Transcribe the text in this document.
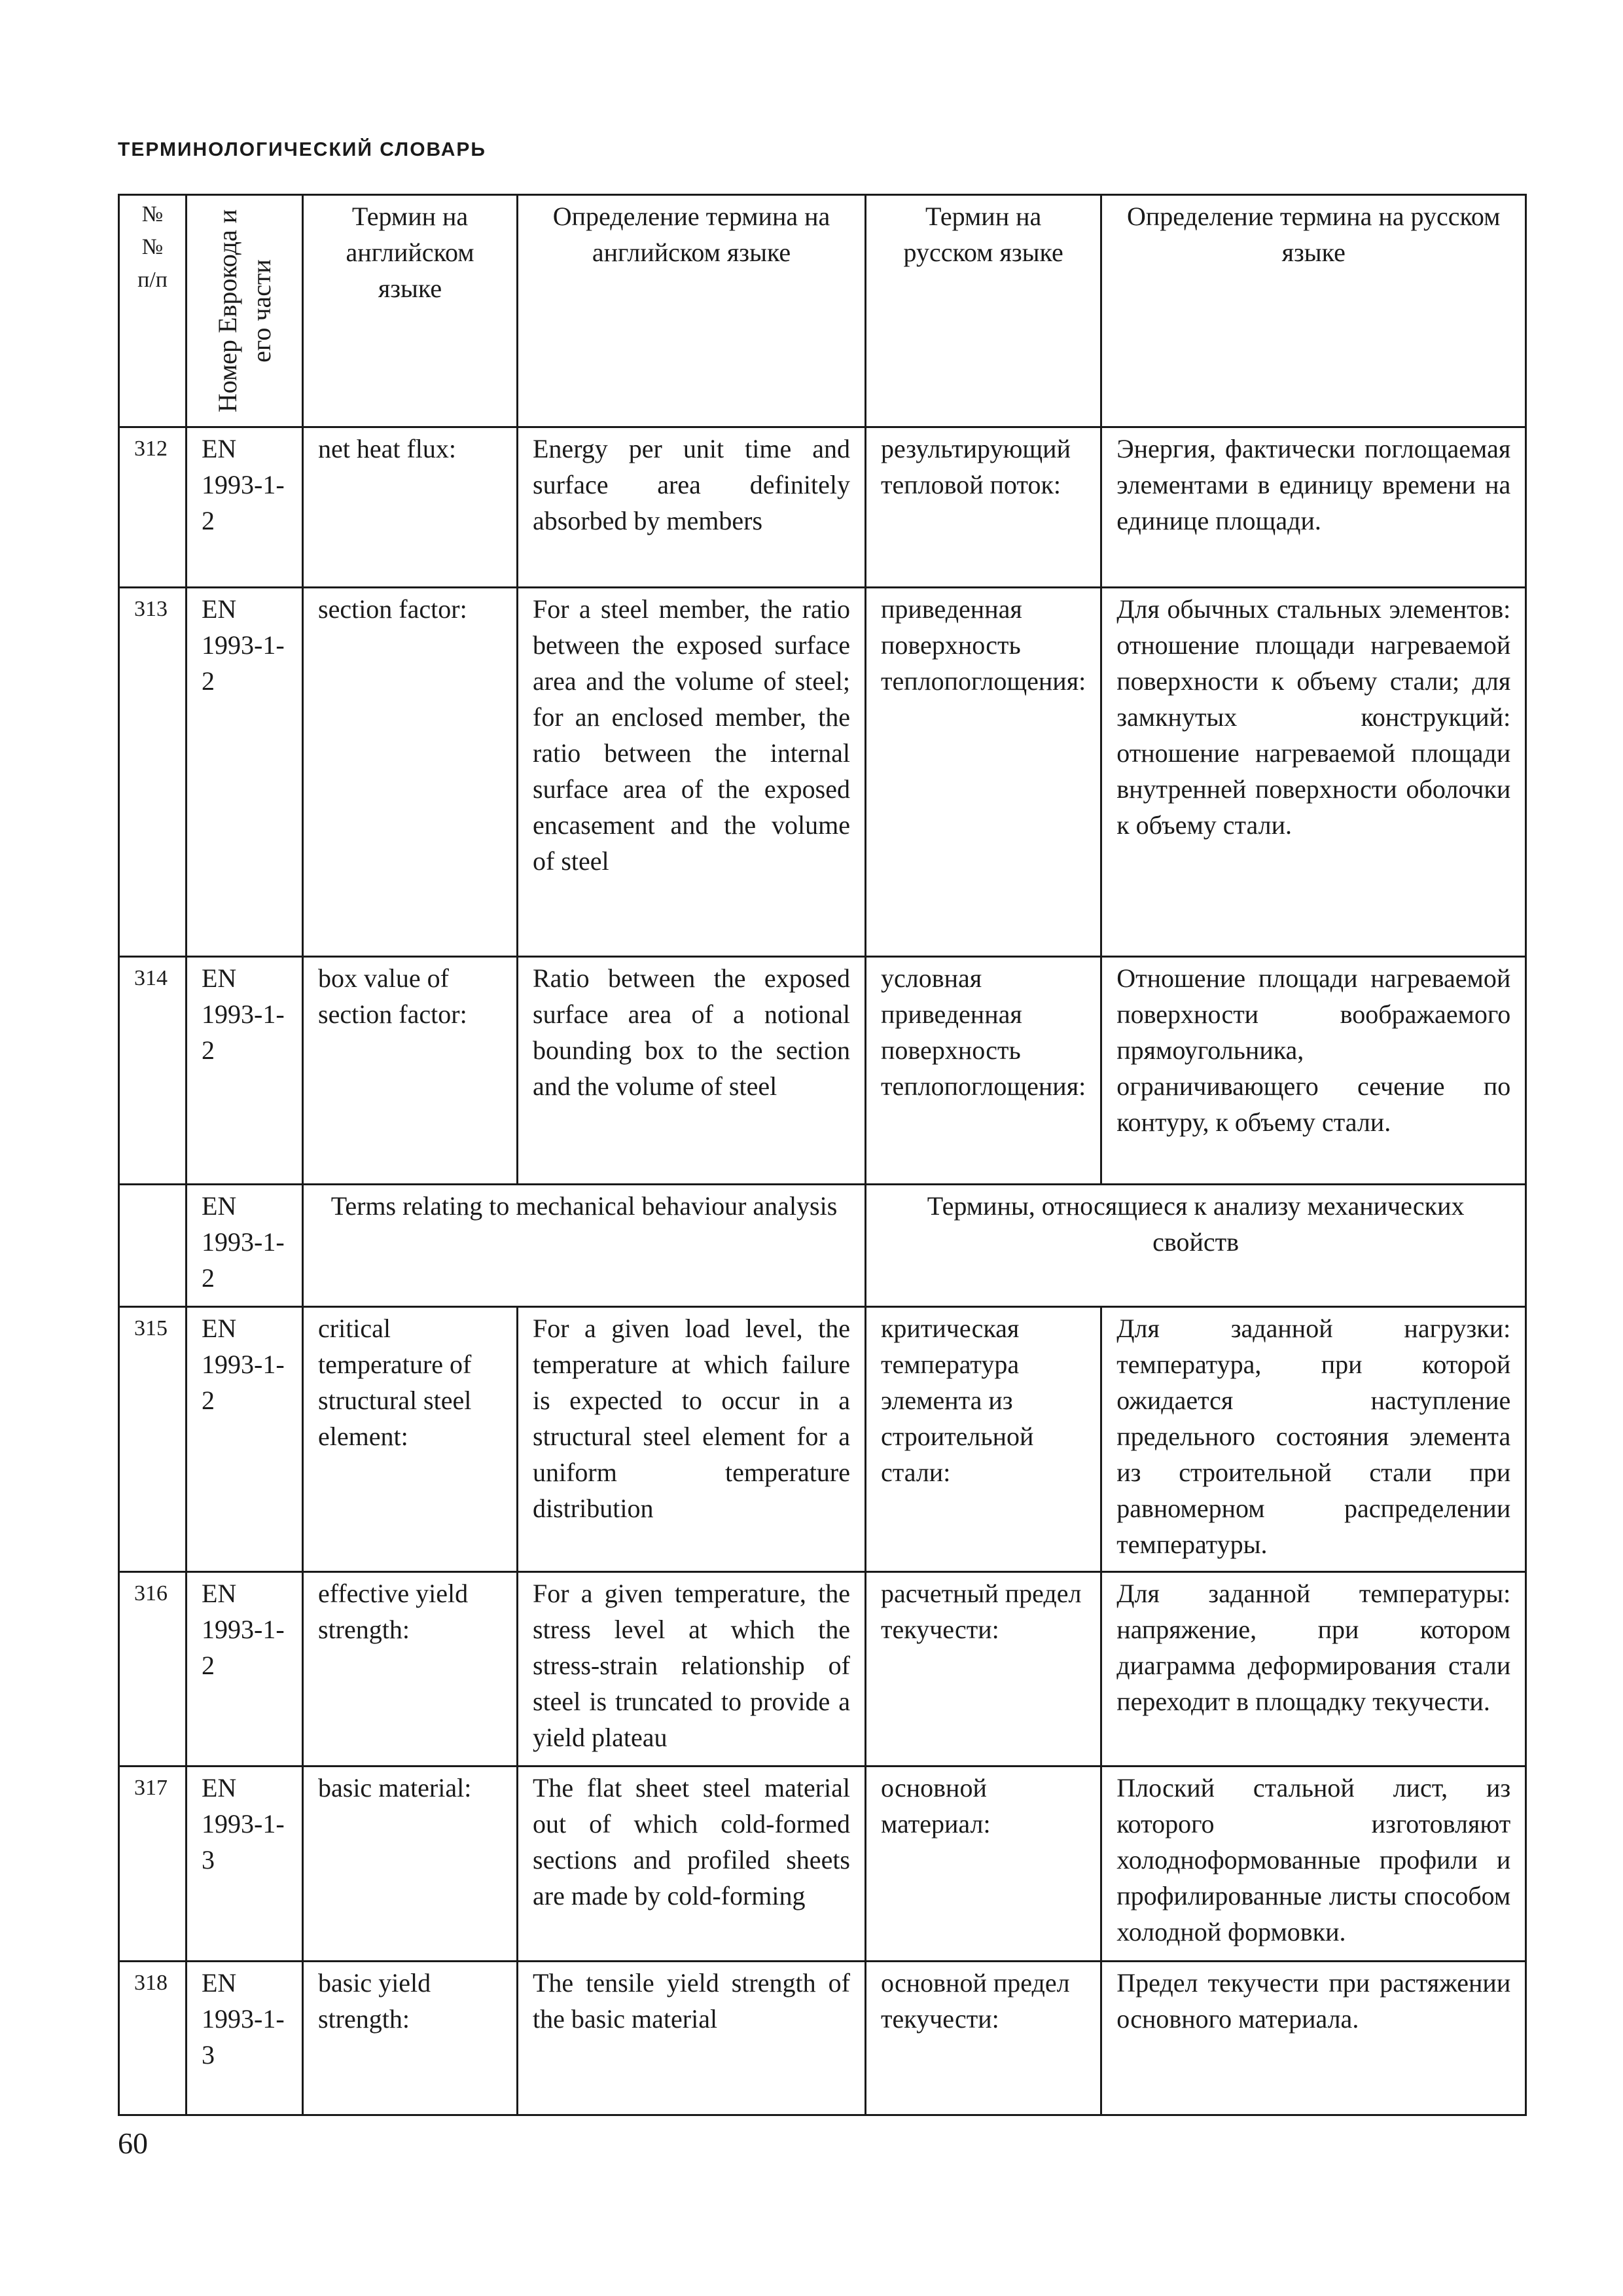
ТЕРМИНОЛОГИЧЕСКИЙ СЛОВАРЬ
№№ п/п	Номер Еврокода и его части	Термин на английском языке	Определение термина на английском языке	Термин на русском языке	Определение термина на русском языке
312	EN 1993-1-2	net heat flux:	Energy per unit time and surface area definitely absorbed by members	результирующий тепловой поток:	Энергия, фактически поглощаемая элементами в единицу времени на единице площади.
313	EN 1993-1-2	section factor:	For a steel member, the ratio between the exposed surface area and the volume of steel; for an enclosed member, the ratio between the internal surface area of the exposed encasement and the volume of steel	приведенная поверхность теплопоглощения:	Для обычных стальных элементов: отношение площади нагреваемой поверхности к объему стали; для замкнутых конструкций: отношение нагреваемой площади внутренней поверхности оболочки к объему стали.
314	EN 1993-1-2	box value of section factor:	Ratio between the exposed surface area of a notional bounding box to the section and the volume of steel	условная приведенная поверхность теплопоглощения:	Отношение площади нагреваемой поверхности воображаемого прямоугольника, ограничивающего сечение по контуру, к объему стали.
	EN 1993-1-2	Terms relating to mechanical behaviour analysis		Термины, относящиеся к анализу механических свойств	
315	EN 1993-1-2	critical temperature of structural steel element:	For a given load level, the temperature at which failure is expected to occur in a structural steel element for a uniform temperature distribution	критическая температура элемента из строительной стали:	Для заданной нагрузки: температура, при которой ожидается наступление предельного состояния элемента из строительной стали при равномерном распределении температуры.
316	EN 1993-1-2	effective yield strength:	For a given temperature, the stress level at which the stress-strain relationship of steel is truncated to provide a yield plateau	расчетный предел текучести:	Для заданной температуры: напряжение, при котором диаграмма деформирования стали переходит в площадку текучести.
317	EN 1993-1-3	basic material:	The flat sheet steel material out of which cold-formed sections and profiled sheets are made by cold-forming	основной материал:	Плоский стальной лист, из которого изготовляют холодноформованные профили и профилированные листы способом холодной формовки.
318	EN 1993-1-3	basic yield strength:	The tensile yield strength of the basic material	основной предел текучести:	Предел текучести при растяжении основного материала.
60
